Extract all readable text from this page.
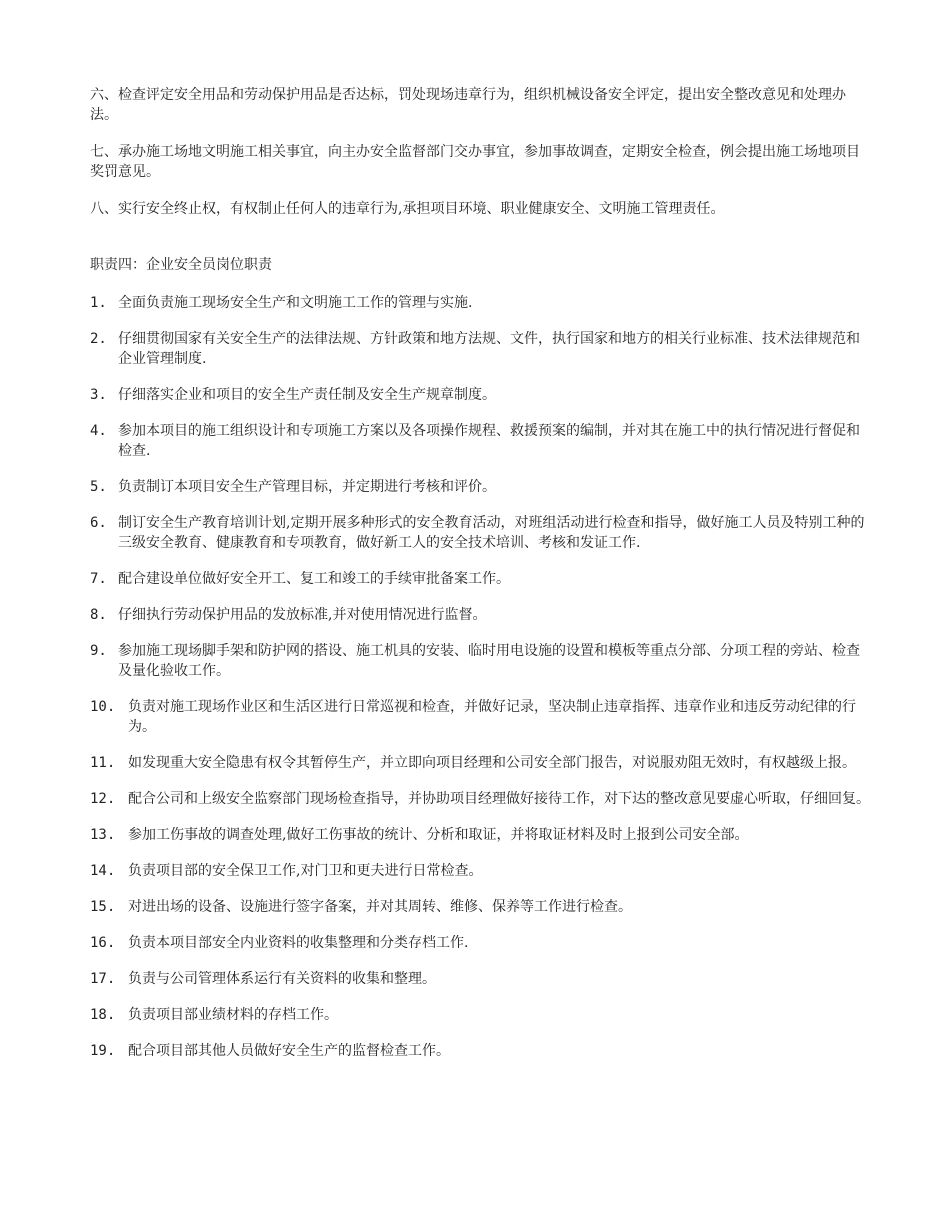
六、检查评定安全用品和劳动保护用品是否达标，罚处现场违章行为，组织机械设备安全评定，提出安全整改意见和处理办法。

七、承办施工场地文明施工相关事宜，向主办安全监督部门交办事宜，参加事故调查，定期安全检查，例会提出施工场地项目奖罚意见。

八、实行安全终止权，有权制止任何人的违章行为,承担项目环境、职业健康安全、文明施工管理责任。

职责四：企业安全员岗位职责
1. 全面负责施工现场安全生产和文明施工工作的管理与实施.
2. 仔细贯彻国家有关安全生产的法律法规、方针政策和地方法规、文件，执行国家和地方的相关行业标准、技术法律规范和企业管理制度.
3. 仔细落实企业和项目的安全生产责任制及安全生产规章制度。
4. 参加本项目的施工组织设计和专项施工方案以及各项操作规程、救援预案的编制，并对其在施工中的执行情况进行督促和检查.
5. 负责制订本项目安全生产管理目标，并定期进行考核和评价。
6. 制订安全生产教育培训计划,定期开展多种形式的安全教育活动，对班组活动进行检查和指导，做好施工人员及特别工种的三级安全教育、健康教育和专项教育，做好新工人的安全技术培训、考核和发证工作.
7. 配合建设单位做好安全开工、复工和竣工的手续审批备案工作。
8. 仔细执行劳动保护用品的发放标准,并对使用情况进行监督。
9. 参加施工现场脚手架和防护网的搭设、施工机具的安装、临时用电设施的设置和模板等重点分部、分项工程的旁站、检查及量化验收工作。
10. 负责对施工现场作业区和生活区进行日常巡视和检查，并做好记录，坚决制止违章指挥、违章作业和违反劳动纪律的行为。
11. 如发现重大安全隐患有权令其暂停生产，并立即向项目经理和公司安全部门报告，对说服劝阻无效时，有权越级上报。
12. 配合公司和上级安全监察部门现场检查指导，并协助项目经理做好接待工作，对下达的整改意见要虚心听取，仔细回复。
13. 参加工伤事故的调查处理,做好工伤事故的统计、分析和取证，并将取证材料及时上报到公司安全部。
14. 负责项目部的安全保卫工作,对门卫和更夫进行日常检查。
15. 对进出场的设备、设施进行签字备案，并对其周转、维修、保养等工作进行检查。
16. 负责本项目部安全内业资料的收集整理和分类存档工作.
17. 负责与公司管理体系运行有关资料的收集和整理。
18. 负责项目部业绩材料的存档工作。
19. 配合项目部其他人员做好安全生产的监督检查工作。
